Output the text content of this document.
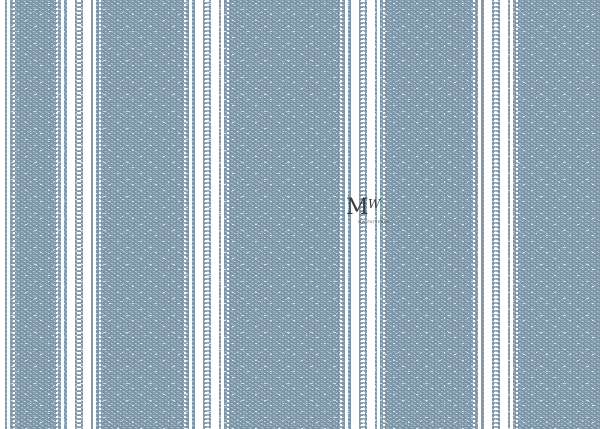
M W
MW PATTERNS
